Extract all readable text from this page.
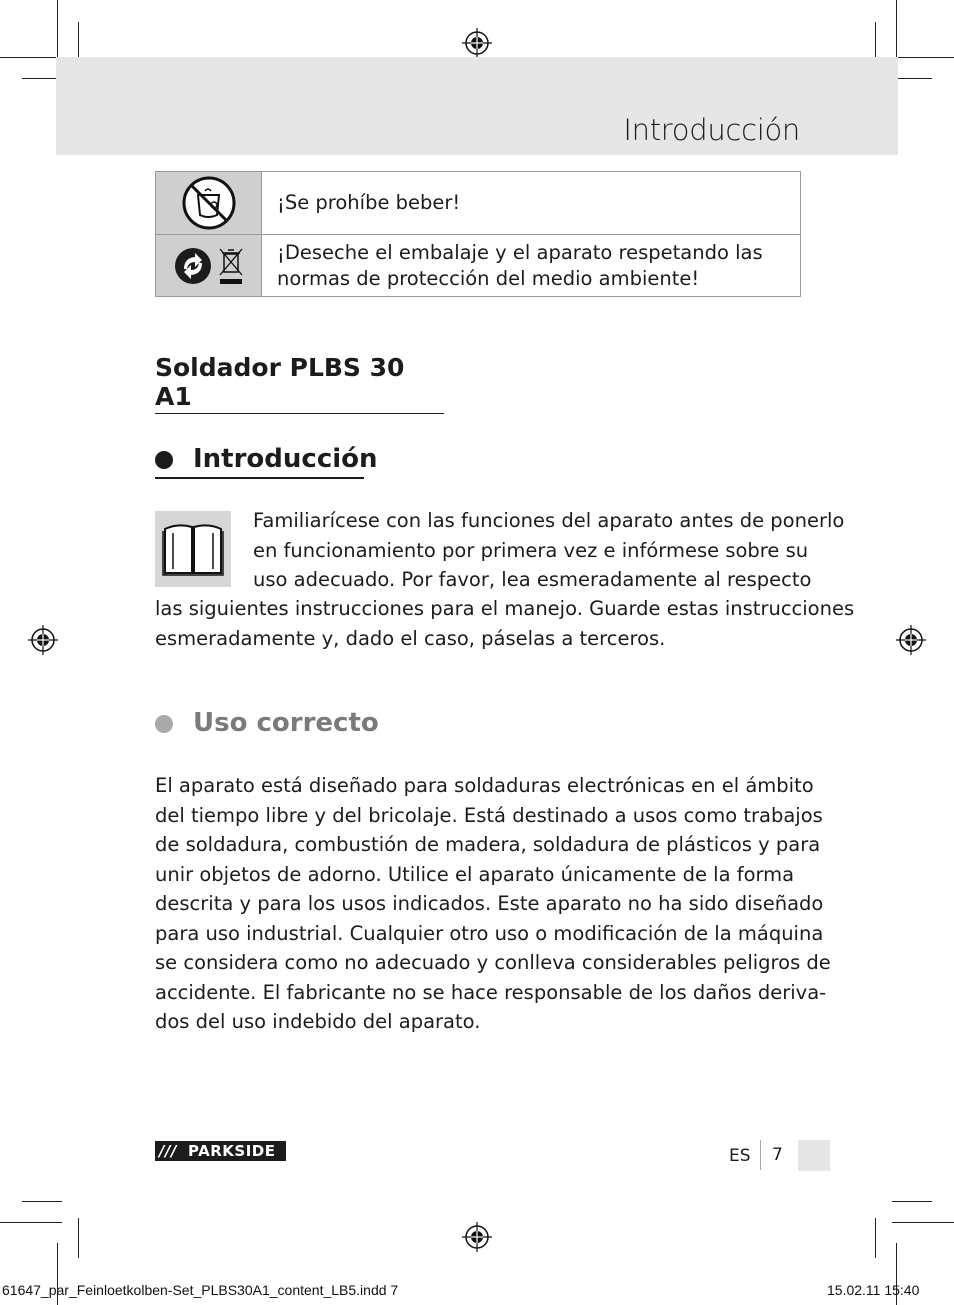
Introducción
	¡Se prohíbe beber!

	¡Deseche el embalaje y el aparato respetando las normas de protección del medio ambiente!
Soldador PLBS 30 A1
Introducción

Familiarícese con las funciones del aparato antes de ponerlo
en funcionamiento por primera vez e infórmese sobre su
uso adecuado. Por favor, lea esmeradamente al respecto

las siguientes instrucciones para el manejo. Guarde estas instrucciones
esmeradamente y, dado el caso, páselas a terceros.

Uso correcto

El aparato está diseñado para soldaduras electrónicas en el ámbito
del tiempo libre y del bricolaje. Está destinado a usos como trabajos
de soldadura, combustión de madera, soldadura de plásticos y para
unir objetos de adorno. Utilice el aparato únicamente de la forma
descrita y para los usos indicados. Este aparato no ha sido diseñado
para uso industrial. Cualquier otro uso o modificación de la máquina
se considera como no adecuado y conlleva considerables peligros de
accidente. El fabricante no se hace responsable de los daños deriva-
dos del uso indebido del aparato.

/// PARKSIDE	ES 7
61647_par_Feinloetkolben-Set_PLBS30A1_content_LB5.indd 7	15.02.11 15:40
